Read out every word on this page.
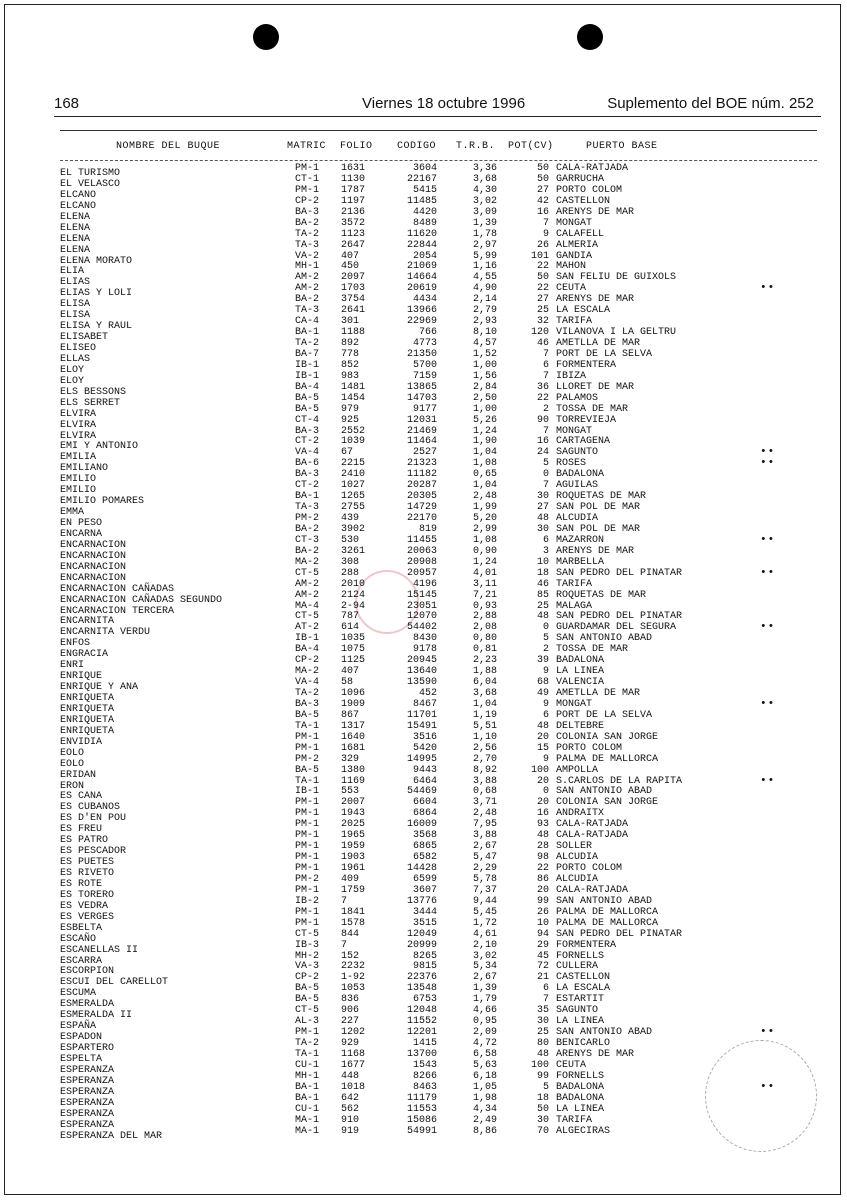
168	Viernes 18 octubre 1996	Suplemento del BOE núm. 252
NOMBRE DEL BUQUE	MATRIC FOLIO CODIGO T.R.B. POT(CV)	PUERTO BASE
EL TURISMO	PM-1 1631	3604	3,36	50 CALA-RATJADA
EL VELASCO	CT-1 1130	22167	3,68	50 GARRUCHA
ELCANO	PM-1 1787	5415	4,30	27 PORTO COLOM
ELCANO	CP-2 1197	11485	3,02	42 CASTELLON
ELENA	BA-3 2136	4420	3,09	16 ARENYS DE MAR
ELENA	BA-2 3572	8489	1,39	7 MONGAT
ELENA	TA-2 1123	11620	1,78	9 CALAFELL
ELENA	TA-3 2647	22844	2,97	26 ALMERIA
ELENA MORATO	VA-2 407	2054	5,99	101 GANDIA
ELIA	MH-1 450	21069	1,16	22 MAHON
ELIAS	AM-2 2097	14664	4,55	50 SAN FELIU DE GUIXOLS
ELIAS Y LOLI	AM-2 1703	20619	4,90	22 CEUTA	••
ELISA	BA-2 3754	4434	2,14	27 ARENYS DE MAR
ELISA	TA-3 2641	13966	2,79	25 LA ESCALA
ELISA Y RAUL	CA-4 301	22969	2,93	32 TARIFA
ELISABET	BA-1 1188	766	8,10	120 VILANOVA I LA GELTRU
ELISEO	TA-2 892	4773	4,57	46 AMETLLA DE MAR
ELLAS	BA-7 778	21350	1,52	7 PORT DE LA SELVA
ELOY	IB-1 852	5700	1,00	6 FORMENTERA
ELOY	IB-1 983	7159	1,56	7 IBIZA
ELS BESSONS	BA-4 1481	13865	2,84	36 LLORET DE MAR
ELS SERRET	BA-5 1454	14703	2,50	22 PALAMOS
ELVIRA	BA-5 979	9177	1,00	2 TOSSA DE MAR
ELVIRA	CT-4 925	12031	5,26	90 TORREVIEJA
ELVIRA	BA-3 2552	21469	1,24	7 MONGAT
EMI Y ANTONIO	CT-2 1039	11464	1,90	16 CARTAGENA
EMILIA	VA-4 67	2527	1,04	24 SAGUNTO	••
EMILIANO	BA-6 2215	21323	1,08	5 ROSES	••
EMILIO	BA-3 2410	11182	0,65	0 BADALONA
EMILIO	CT-2 1027	20287	1,04	7 AGUILAS
EMILIO POMARES	BA-1 1265	20305	2,48	30 ROQUETAS DE MAR
EMMA	TA-3 2755	14729	1,99	27 SAN POL DE MAR
EN PESO	PM-2 439	22170	5,20	48 ALCUDIA
ENCARNA	BA-2 3902	819	2,99	30 SAN POL DE MAR
ENCARNACION	CT-3 530	11455	1,08	6 MAZARRON	••
ENCARNACION	BA-2 3261	20063	0,90	3 ARENYS DE MAR
ENCARNACION	MA-2 308	20908	1,24	10 MARBELLA
ENCARNACION	CT-5 288	20957	4,01	18 SAN PEDRO DEL PINATAR	••
ENCARNACION CAÑADAS	AM-2 2010	4196	3,11	46 TARIFA
ENCARNACION CAÑADAS SEGUNDO	AM-2 2124	15145	7,21	85 ROQUETAS DE MAR
ENCARNACION TERCERA	MA-4 2-94	23051	0,93	25 MALAGA
ENCARNITA	CT-5 787	12070	2,88	48 SAN PEDRO DEL PINATAR
ENCARNITA VERDU	AT-2 614	54402	2,08	0 GUARDAMAR DEL SEGURA	••
ENFOS	IB-1 1035	8430	0,80	5 SAN ANTONIO ABAD
ENGRACIA	BA-4 1075	9178	0,81	2 TOSSA DE MAR
ENRI	CP-2 1125	20945	2,23	39 BADALONA
ENRIQUE	MA-2 407	13640	1,88	9 LA LINEA
ENRIQUE Y ANA	VA-4 58	13590	6,04	68 VALENCIA
ENRIQUETA	TA-2 1096	452	3,68	49 AMETLLA DE MAR
ENRIQUETA	BA-3 1909	8467	1,04	9 MONGAT	••
ENRIQUETA	BA-5 867	11701	1,19	6 PORT DE LA SELVA
ENRIQUETA	TA-1 1317	15491	5,51	48 DELTEBRE
ENVIDIA	PM-1 1640	3516	1,10	20 COLONIA SAN JORGE
EOLO	PM-1 1681	5420	2,56	15 PORTO COLOM
EOLO	PM-2 329	14995	2,70	9 PALMA DE MALLORCA
ERIDAN	BA-5 1380	9443	8,92	100 AMPOLLA
ERON	TA-1 1169	6464	3,88	20 S.CARLOS DE LA RAPITA	••
ES CANA	IB-1 553	54469	0,68	0 SAN ANTONIO ABAD
ES CUBANOS	PM-1 2007	6604	3,71	20 COLONIA SAN JORGE
ES D'EN POU	PM-1 1943	6864	2,48	16 ANDRAITX
ES FREU	PM-1 2025	16009	7,95	93 CALA-RATJADA
ES PATRO	PM-1 1965	3568	3,88	48 CALA-RATJADA
ES PESCADOR	PM-1 1959	6865	2,67	28 SOLLER
ES PUETES	PM-1 1903	6582	5,47	98 ALCUDIA
ES RIVETO	PM-1 1961	14428	2,29	22 PORTO COLOM
ES ROTE	PM-2 409	6599	5,78	86 ALCUDIA
ES TORERO	PM-1 1759	3607	7,37	20 CALA-RATJADA
ES VEDRA	IB-2 7	13776	9,44	99 SAN ANTONIO ABAD
ES VERGES	PM-1 1841	3444	5,45	26 PALMA DE MALLORCA
ESBELTA	PM-1 1578	3515	1,72	10 PALMA DE MALLORCA
ESCAÑO	CT-5 844	12049	4,61	94 SAN PEDRO DEL PINATAR
ESCANELLAS II	IB-3 7	20999	2,10	29 FORMENTERA
ESCARRA	MH-2 152	8265	3,02	45 FORNELLS
ESCORPION	VA-3 2232	9815	5,34	72 CULLERA
ESCUI DEL CARELLOT	CP-2 1-92	22376	2,67	21 CASTELLON
ESCUMA	BA-5 1053	13548	1,39	6 LA ESCALA
ESMERALDA	BA-5 836	6753	1,79	7 ESTARTIT
ESMERALDA II	CT-5 906	12048	4,66	35 SAGUNTO
ESPAÑA	AL-3 227	11552	0,95	30 LA LINEA
ESPADON	PM-1 1202	12201	2,09	25 SAN ANTONIO ABAD	••
ESPARTERO	TA-2 929	1415	4,72	80 BENICARLO
ESPELTA	TA-1 1168	13700	6,58	48 ARENYS DE MAR
ESPERANZA	CU-1 1677	1543	5,63	100 CEUTA
ESPERANZA	MH-1 448	8266	6,18	99 FORNELLS
ESPERANZA	BA-1 1018	8463	1,05	5 BADALONA	••
ESPERANZA	BA-1 642	11179	1,98	18 BADALONA
ESPERANZA	CU-1 562	11553	4,34	50 LA LINEA
ESPERANZA	MA-1 910	15086	2,49	30 TARIFA
ESPERANZA DEL MAR	MA-1 919	54991	8,86	70 ALGECIRAS
